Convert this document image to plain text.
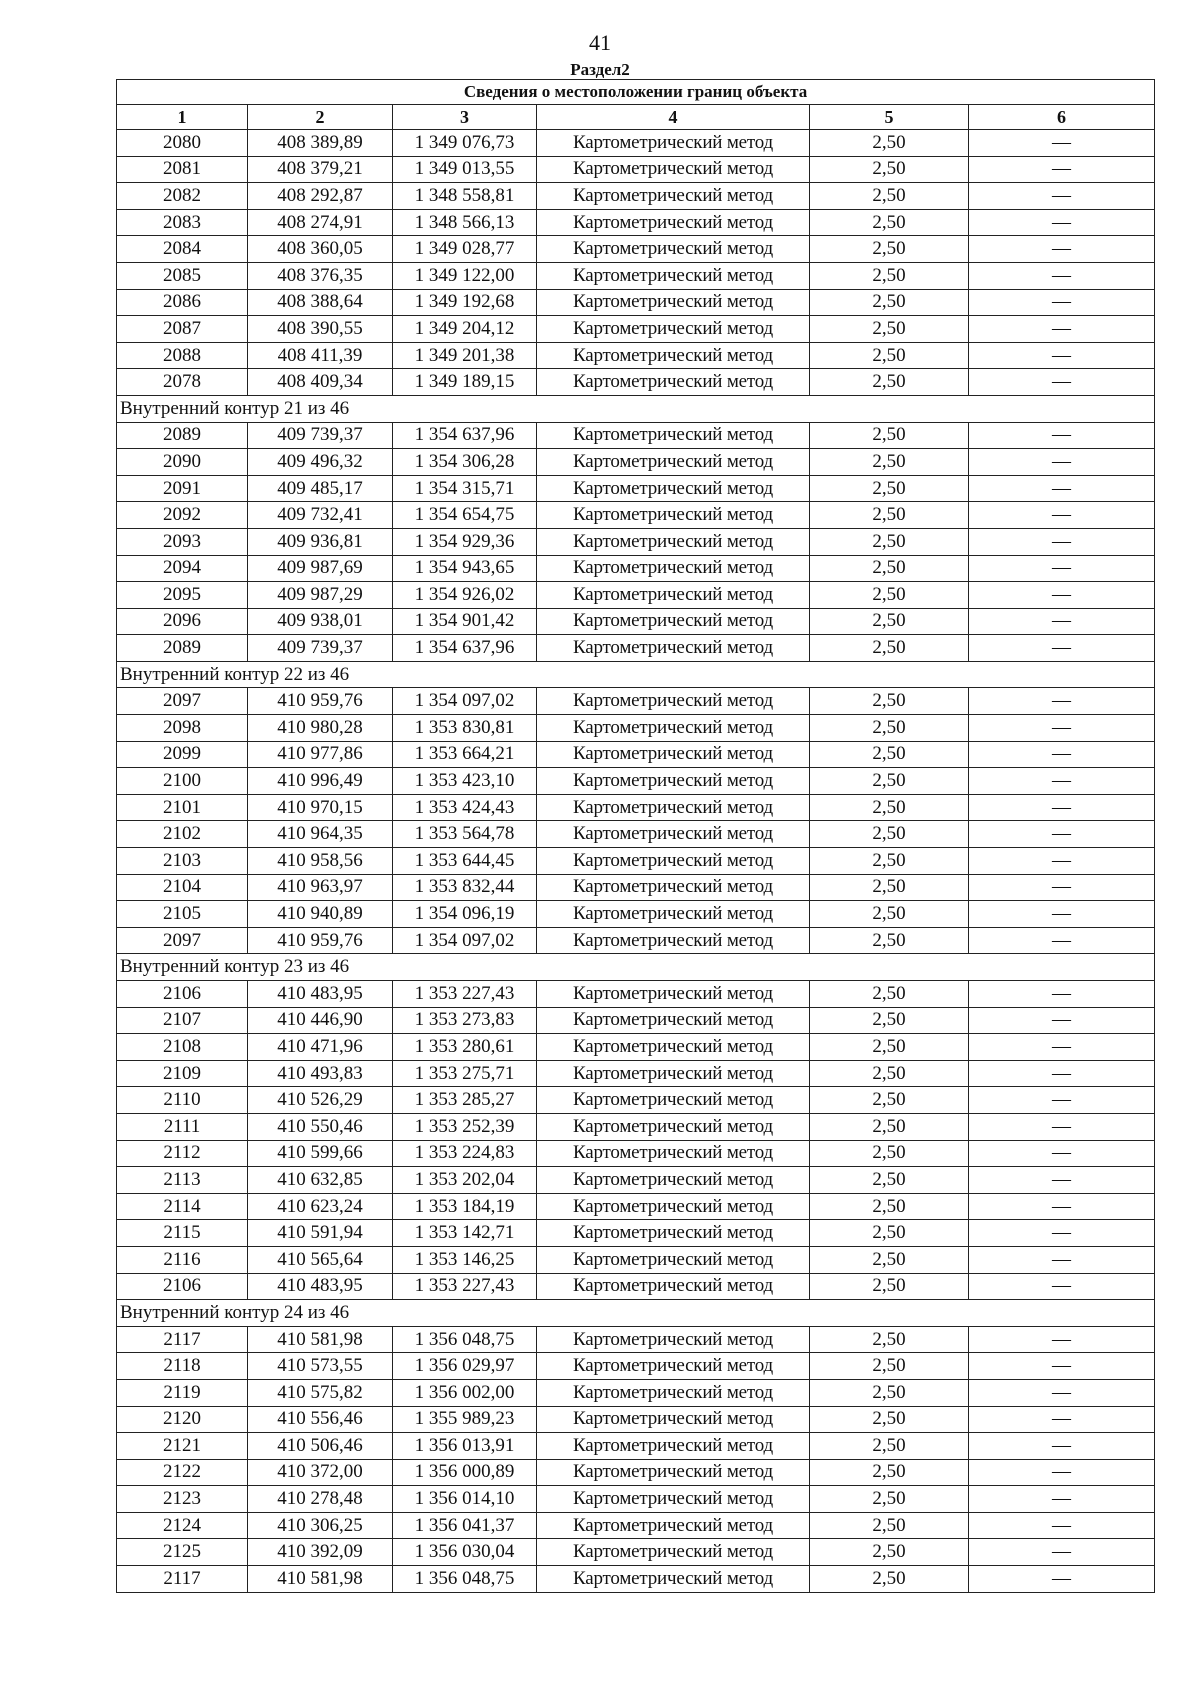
41
Раздел2
Сведения о местоположении границ объекта					
1	2	3	4	5	6
2080	408 389,89	1 349 076,73	Картометрический метод	2,50	—
2081	408 379,21	1 349 013,55	Картометрический метод	2,50	—
2082	408 292,87	1 348 558,81	Картометрический метод	2,50	—
2083	408 274,91	1 348 566,13	Картометрический метод	2,50	—
2084	408 360,05	1 349 028,77	Картометрический метод	2,50	—
2085	408 376,35	1 349 122,00	Картометрический метод	2,50	—
2086	408 388,64	1 349 192,68	Картометрический метод	2,50	—
2087	408 390,55	1 349 204,12	Картометрический метод	2,50	—
2088	408 411,39	1 349 201,38	Картометрический метод	2,50	—
2078	408 409,34	1 349 189,15	Картометрический метод	2,50	—
Внутренний контур 21 из 46					
2089	409 739,37	1 354 637,96	Картометрический метод	2,50	—
2090	409 496,32	1 354 306,28	Картометрический метод	2,50	—
2091	409 485,17	1 354 315,71	Картометрический метод	2,50	—
2092	409 732,41	1 354 654,75	Картометрический метод	2,50	—
2093	409 936,81	1 354 929,36	Картометрический метод	2,50	—
2094	409 987,69	1 354 943,65	Картометрический метод	2,50	—
2095	409 987,29	1 354 926,02	Картометрический метод	2,50	—
2096	409 938,01	1 354 901,42	Картометрический метод	2,50	—
2089	409 739,37	1 354 637,96	Картометрический метод	2,50	—
Внутренний контур 22 из 46					
2097	410 959,76	1 354 097,02	Картометрический метод	2,50	—
2098	410 980,28	1 353 830,81	Картометрический метод	2,50	—
2099	410 977,86	1 353 664,21	Картометрический метод	2,50	—
2100	410 996,49	1 353 423,10	Картометрический метод	2,50	—
2101	410 970,15	1 353 424,43	Картометрический метод	2,50	—
2102	410 964,35	1 353 564,78	Картометрический метод	2,50	—
2103	410 958,56	1 353 644,45	Картометрический метод	2,50	—
2104	410 963,97	1 353 832,44	Картометрический метод	2,50	—
2105	410 940,89	1 354 096,19	Картометрический метод	2,50	—
2097	410 959,76	1 354 097,02	Картометрический метод	2,50	—
Внутренний контур 23 из 46					
2106	410 483,95	1 353 227,43	Картометрический метод	2,50	—
2107	410 446,90	1 353 273,83	Картометрический метод	2,50	—
2108	410 471,96	1 353 280,61	Картометрический метод	2,50	—
2109	410 493,83	1 353 275,71	Картометрический метод	2,50	—
2110	410 526,29	1 353 285,27	Картометрический метод	2,50	—
2111	410 550,46	1 353 252,39	Картометрический метод	2,50	—
2112	410 599,66	1 353 224,83	Картометрический метод	2,50	—
2113	410 632,85	1 353 202,04	Картометрический метод	2,50	—
2114	410 623,24	1 353 184,19	Картометрический метод	2,50	—
2115	410 591,94	1 353 142,71	Картометрический метод	2,50	—
2116	410 565,64	1 353 146,25	Картометрический метод	2,50	—
2106	410 483,95	1 353 227,43	Картометрический метод	2,50	—
Внутренний контур 24 из 46					
2117	410 581,98	1 356 048,75	Картометрический метод	2,50	—
2118	410 573,55	1 356 029,97	Картометрический метод	2,50	—
2119	410 575,82	1 356 002,00	Картометрический метод	2,50	—
2120	410 556,46	1 355 989,23	Картометрический метод	2,50	—
2121	410 506,46	1 356 013,91	Картометрический метод	2,50	—
2122	410 372,00	1 356 000,89	Картометрический метод	2,50	—
2123	410 278,48	1 356 014,10	Картометрический метод	2,50	—
2124	410 306,25	1 356 041,37	Картометрический метод	2,50	—
2125	410 392,09	1 356 030,04	Картометрический метод	2,50	—
2117	410 581,98	1 356 048,75	Картометрический метод	2,50	—
